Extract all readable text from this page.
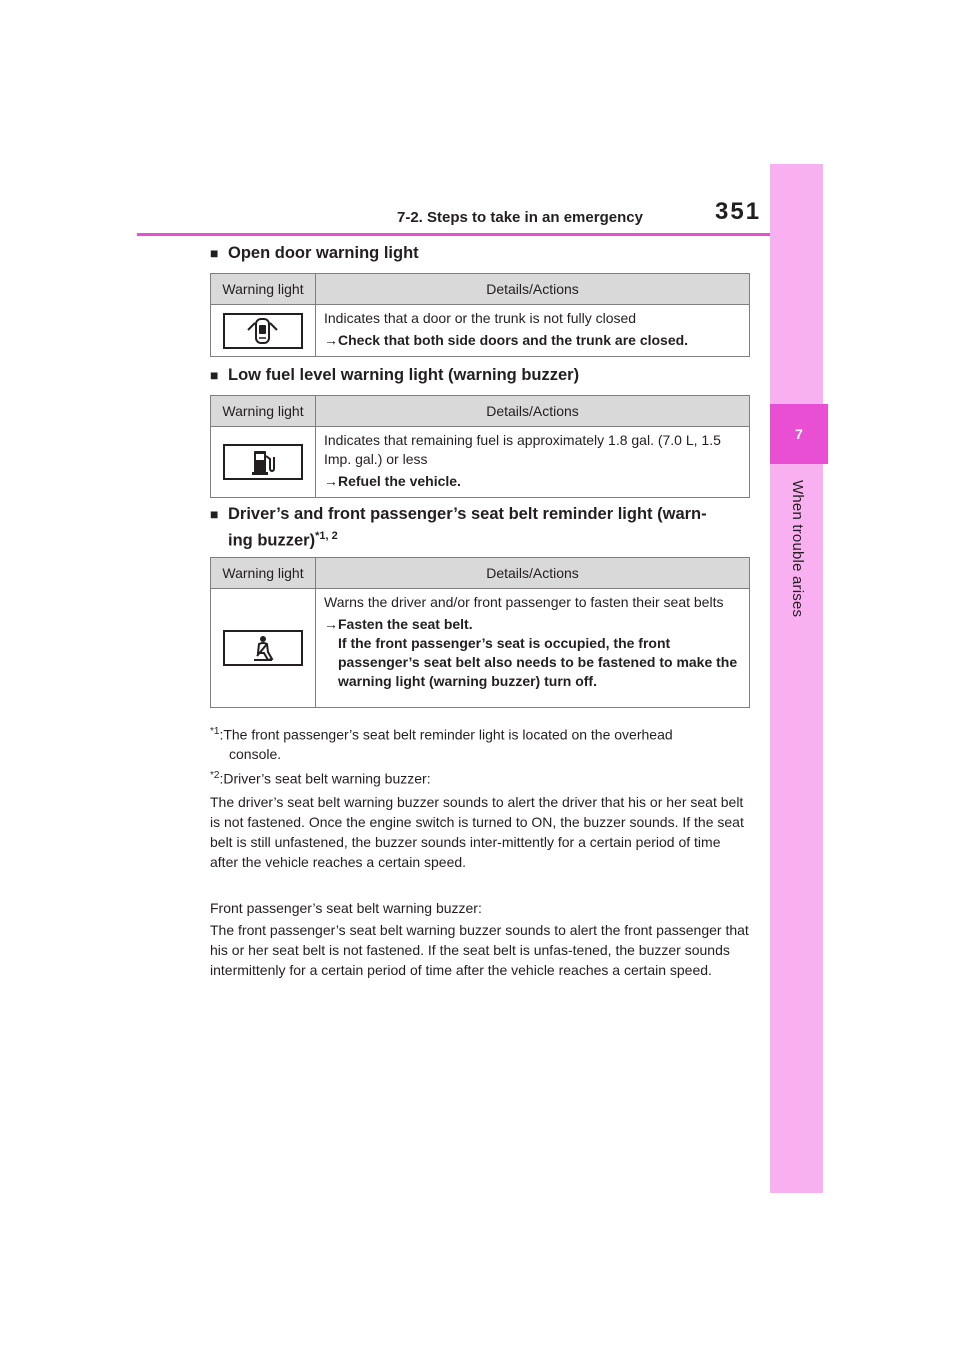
7
When trouble arises
7-2. Steps to take in an emergency	351
■ Open door warning light
Warning light	Details/Actions

Indicates that a door or the trunk is not fully closed
→ Check that both side doors and the trunk are closed.
■ Low fuel level warning light (warning buzzer)
Warning light	Details/Actions

Indicates that remaining fuel is approximately 1.8 gal. (7.0 L, 1.5 Imp. gal.) or less
→ Refuel the vehicle.
■ Driver’s and front passenger’s seat belt reminder light (warn-
ing buzzer)$^{*1, 2}$
Warning light	Details/Actions

Warns the driver and/or front passenger to fasten their seat belts
→ Fasten the seat belt.
If the front passenger’s seat is occupied, the front passenger’s seat belt also needs to be fastened to make the warning light (warning buzzer) turn off.
$^{*1}$:The front passenger’s seat belt reminder light is located on the overhead
console.
$^{*2}$:Driver’s seat belt warning buzzer:
The driver’s seat belt warning buzzer sounds to alert the driver that his or her seat belt is not fastened. Once the engine switch is turned to ON, the buzzer sounds. If the seat belt is still unfastened, the buzzer sounds inter-mittently for a certain period of time after the vehicle reaches a certain speed.
Front passenger’s seat belt warning buzzer:
The front passenger’s seat belt warning buzzer sounds to alert the front passenger that his or her seat belt is not fastened. If the seat belt is unfas-tened, the buzzer sounds intermittenly for a certain period of time after the vehicle reaches a certain speed.
